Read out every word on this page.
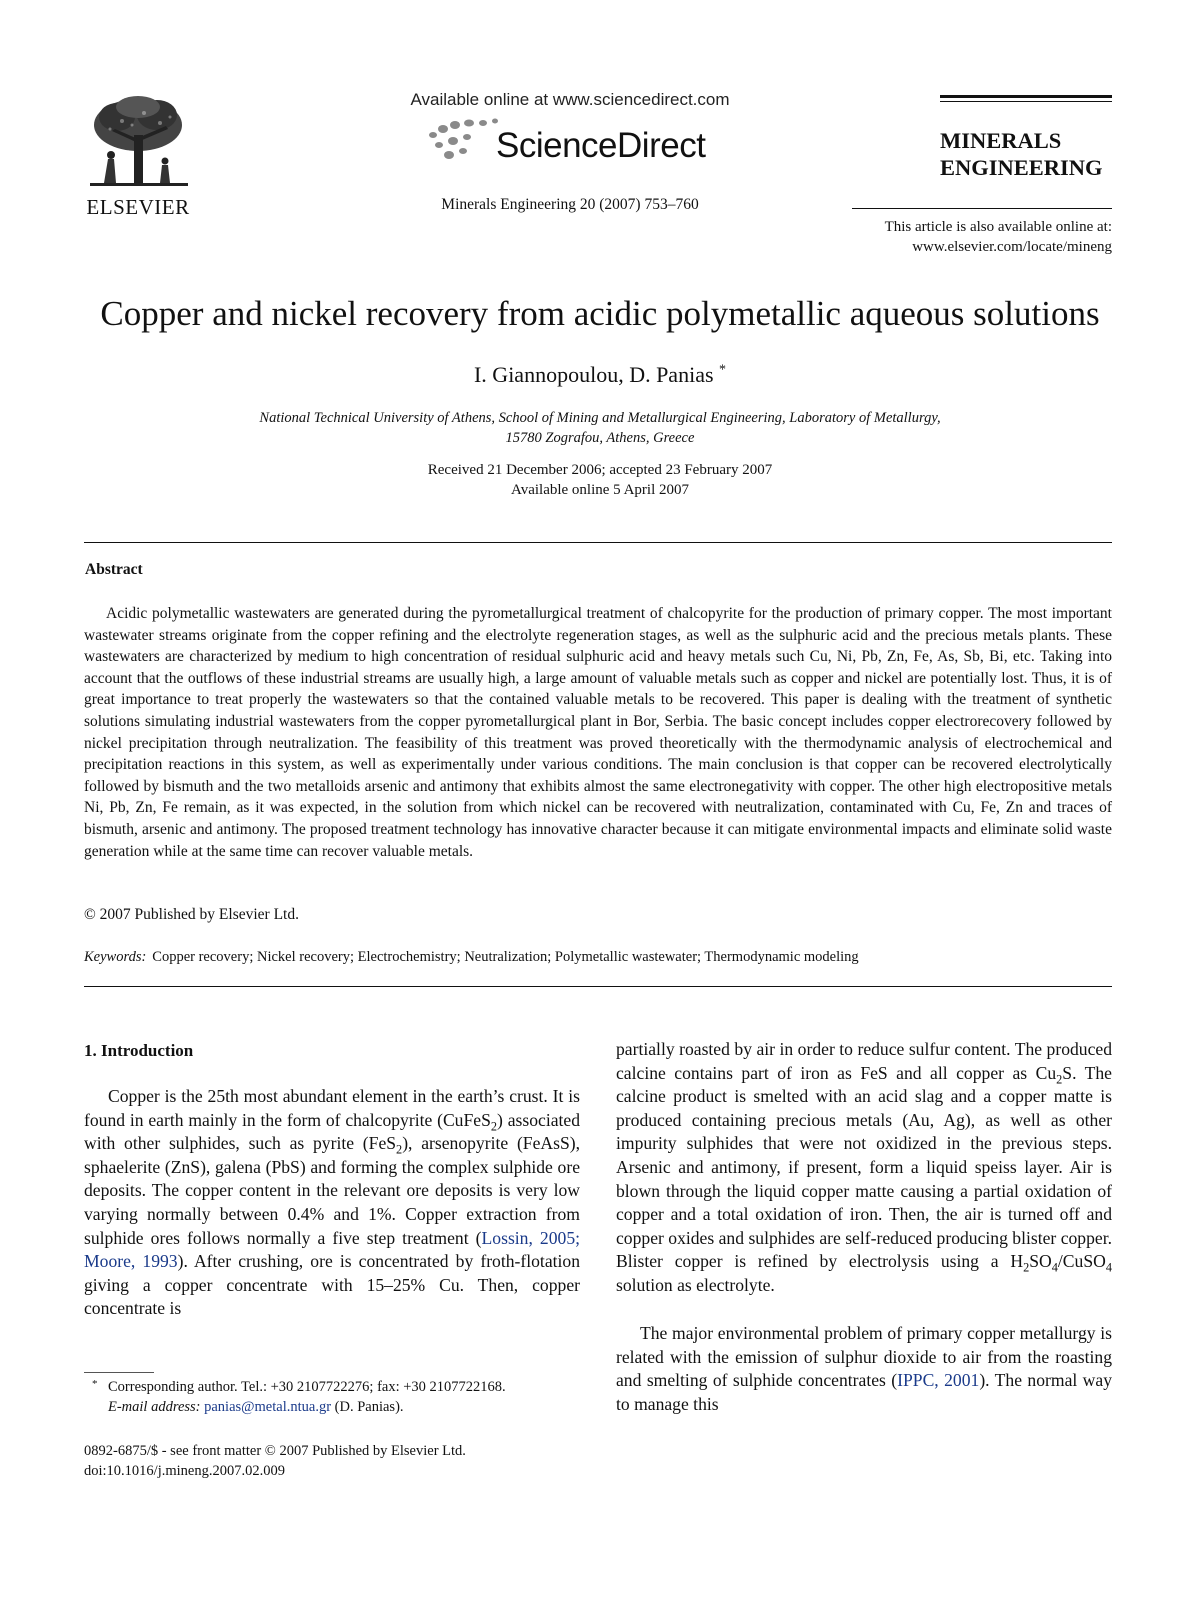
ELSEVIER
Available online at www.sciencedirect.com
ScienceDirect
Minerals Engineering 20 (2007) 753–760
MINERALS
ENGINEERING
This article is also available online at:
www.elsevier.com/locate/mineng
Copper and nickel recovery from acidic polymetallic aqueous solutions
I. Giannopoulou, D. Panias *
National Technical University of Athens, School of Mining and Metallurgical Engineering, Laboratory of Metallurgy,
15780 Zografou, Athens, Greece
Received 21 December 2006; accepted 23 February 2007
Available online 5 April 2007
Abstract

Acidic polymetallic wastewaters are generated during the pyrometallurgical treatment of chalcopyrite for the production of primary copper. The most important wastewater streams originate from the copper refining and the electrolyte regeneration stages, as well as the sulphuric acid and the precious metals plants. These wastewaters are characterized by medium to high concentration of residual sulphuric acid and heavy metals such Cu, Ni, Pb, Zn, Fe, As, Sb, Bi, etc. Taking into account that the outflows of these industrial streams are usually high, a large amount of valuable metals such as copper and nickel are potentially lost. Thus, it is of great importance to treat properly the wastewaters so that the contained valuable metals to be recovered. This paper is dealing with the treatment of synthetic solutions simulating industrial wastewaters from the copper pyrometallurgical plant in Bor, Serbia. The basic concept includes copper electrorecovery followed by nickel precipitation through neutralization. The feasibility of this treatment was proved theoretically with the thermodynamic analysis of electrochemical and precipitation reactions in this system, as well as experimentally under various conditions. The main conclusion is that copper can be recovered electrolytically followed by bismuth and the two metalloids arsenic and antimony that exhibits almost the same electronegativity with copper. The other high electropositive metals Ni, Pb, Zn, Fe remain, as it was expected, in the solution from which nickel can be recovered with neutralization, contaminated with Cu, Fe, Zn and traces of bismuth, arsenic and antimony. The proposed treatment technology has innovative character because it can mitigate environmental impacts and eliminate solid waste generation while at the same time can recover valuable metals.

© 2007 Published by Elsevier Ltd.
Keywords: Copper recovery; Nickel recovery; Electrochemistry; Neutralization; Polymetallic wastewater; Thermodynamic modeling
1. Introduction

Copper is the 25th most abundant element in the earth’s crust. It is found in earth mainly in the form of chalcopyrite (CuFeS$_2$) associated with other sulphides, such as pyrite (FeS$_2$), arsenopyrite (FeAsS), sphaelerite (ZnS), galena (PbS) and forming the complex sulphide ore deposits. The copper content in the relevant ore deposits is very low varying normally between 0.4% and 1%. Copper extraction from sulphide ores follows normally a five step treatment (Lossin, 2005; Moore, 1993). After crushing, ore is concentrated by froth-flotation giving a copper concentrate with 15–25% Cu. Then, copper concentrate is

partially roasted by air in order to reduce sulfur content. The produced calcine contains part of iron as FeS and all copper as $Cu_2S$. The calcine product is smelted with an acid slag and a copper matte is produced containing precious metals (Au, Ag), as well as other impurity sulphides that were not oxidized in the previous steps. Arsenic and antimony, if present, form a liquid speiss layer. Air is blown through the liquid copper matte causing a partial oxidation of copper and a total oxidation of iron. Then, the air is turned off and copper oxides and sulphides are self-reduced producing blister copper. Blister copper is refined by electrolysis using a $H_2SO_4/CuSO_4$ solution as electrolyte.

The major environmental problem of primary copper metallurgy is related with the emission of sulphur dioxide to air from the roasting and smelting of sulphide concentrates (IPPC, 2001). The normal way to manage this

* Corresponding author. Tel.: +30 2107722276; fax: +30 2107722168.
E-mail address: panias@metal.ntua.gr (D. Panias).
0892-6875/$ - see front matter © 2007 Published by Elsevier Ltd.
doi:10.1016/j.mineng.2007.02.009
